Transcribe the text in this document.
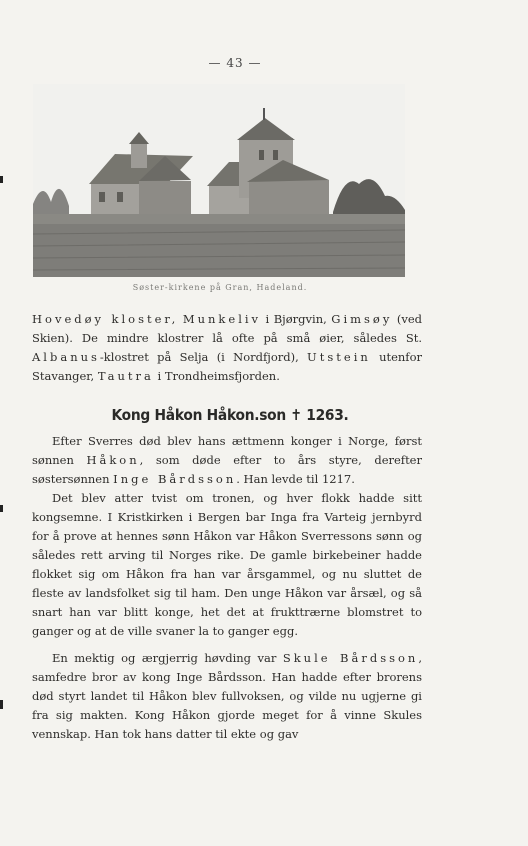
— 43 —
Søster-kirkene på Gran, Hadeland.

Hovedøy kloster, Munkeliv i Bjørgvin, Gimsøy (ved Skien). De mindre klostrer lå ofte på små øier, således St. Albanus-klostret på Selja (i Nordfjord), Utstein utenfor Stavanger, Tautra i Trondheimsfjorden.

Kong Håkon Håkon.son ✝ 1263.

Efter Sverres død blev hans ættmenn konger i Norge, først sønnen Håkon, som døde efter to års styre, derefter søstersønnen Inge Bårdsson. Han levde til 1217.

Det blev atter tvist om tronen, og hver flokk hadde sitt kongsemne. I Kristkirken i Bergen bar Inga fra Varteig jernbyrd for å prove at hennes sønn Håkon var Håkon Sverressons sønn og således rett arving til Norges rike. De gamle birkebeiner hadde flokket sig om Håkon fra han var årsgammel, og nu sluttet de fleste av landsfolket sig til ham. Den unge Håkon var årsæl, og så snart han var blitt konge, het det at frukttrærne blomstret to ganger og at de ville svaner la to ganger egg.

En mektig og ærgjerrig høvding var Skule Bårdsson, samfedre bror av kong Inge Bårdsson. Han hadde efter brorens død styrt landet til Håkon blev fullvoksen, og vilde nu ugjerne gi fra sig makten. Kong Håkon gjorde meget for å vinne Skules vennskap. Han tok hans datter til ekte og gav
